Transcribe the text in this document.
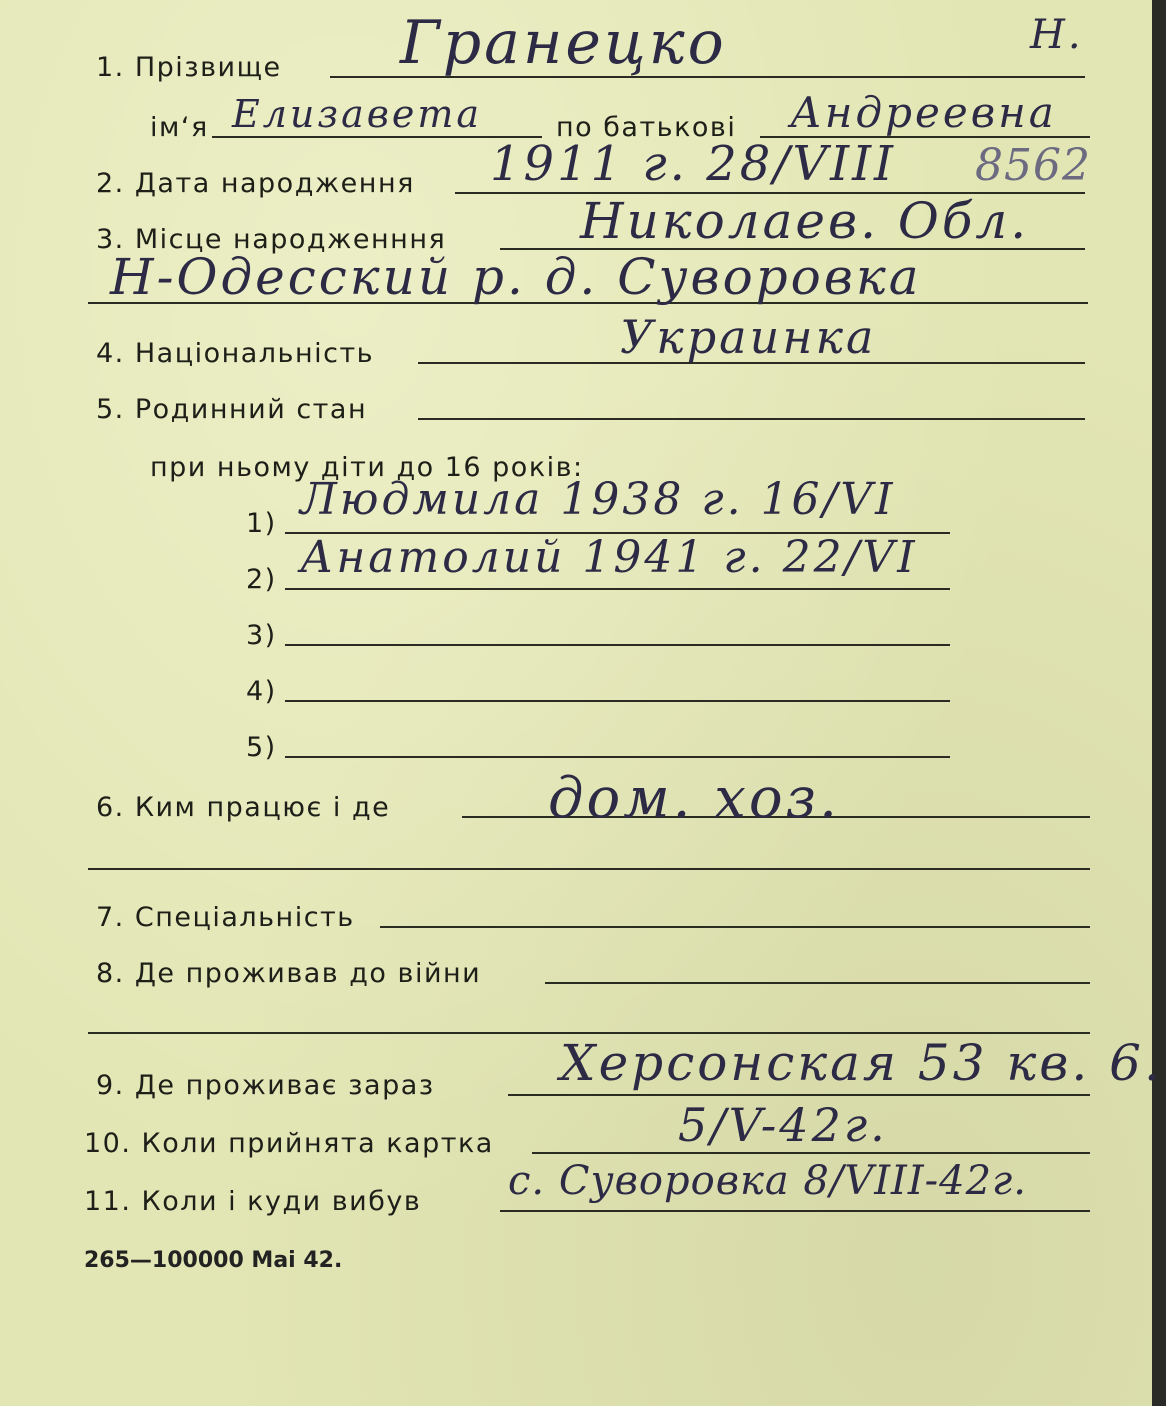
Н.
1. Прізвище Гранецко
ім‘я Елизавета	по батькові Андреевна
2. Дата народження 1911 г. 28/VIII 8562
3. Місце народженння	Николаев. Обл.
Н-Одесский р. д. Суворовка
4. Національність	Украинка
5. Родинний стан
при ньому діти до 16 років:
1) Людмила 1938 г. 16/VI
2) Анатолий 1941 г. 22/VI
3)
4)
5)
6. Ким працює і де	дом. хоз.
7. Спеціальність
8. Де проживав до війни
9. Де проживає зараз	Херсонская 53 кв. 6.
10. Коли прийнята картка	5/V-42г.
11. Коли і куди вибув с. Суворовка 8/VIII-42г.
265—100000 Mai 42.
